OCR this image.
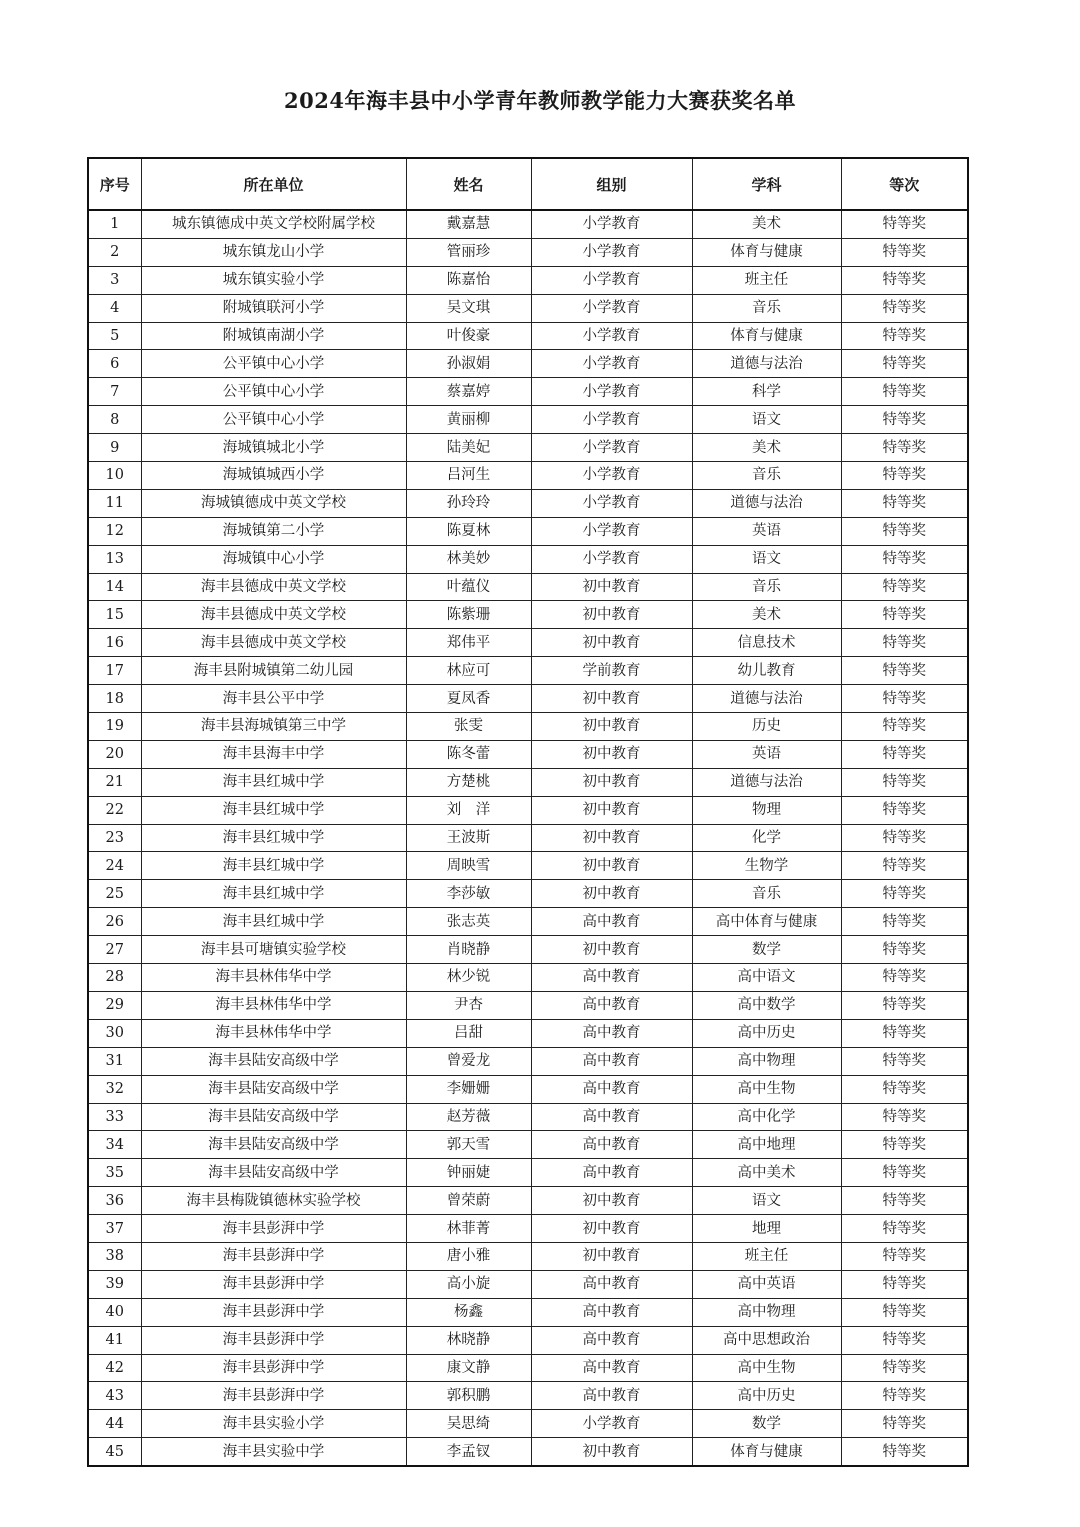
2024年海丰县中小学青年教师教学能力大赛获奖名单
序号	所在单位	姓名	组别	学科	等次
1	城东镇德成中英文学校附属学校	戴嘉慧	小学教育	美术	特等奖
2	城东镇龙山小学	管丽珍	小学教育	体育与健康	特等奖
3	城东镇实验小学	陈嘉怡	小学教育	班主任	特等奖
4	附城镇联河小学	吴文琪	小学教育	音乐	特等奖
5	附城镇南湖小学	叶俊豪	小学教育	体育与健康	特等奖
6	公平镇中心小学	孙淑娟	小学教育	道德与法治	特等奖
7	公平镇中心小学	蔡嘉婷	小学教育	科学	特等奖
8	公平镇中心小学	黄丽柳	小学教育	语文	特等奖
9	海城镇城北小学	陆美妃	小学教育	美术	特等奖
10	海城镇城西小学	吕河生	小学教育	音乐	特等奖
11	海城镇德成中英文学校	孙玲玲	小学教育	道德与法治	特等奖
12	海城镇第二小学	陈夏林	小学教育	英语	特等奖
13	海城镇中心小学	林美妙	小学教育	语文	特等奖
14	海丰县德成中英文学校	叶蕴仪	初中教育	音乐	特等奖
15	海丰县德成中英文学校	陈紫珊	初中教育	美术	特等奖
16	海丰县德成中英文学校	郑伟平	初中教育	信息技术	特等奖
17	海丰县附城镇第二幼儿园	林应可	学前教育	幼儿教育	特等奖
18	海丰县公平中学	夏凤香	初中教育	道德与法治	特等奖
19	海丰县海城镇第三中学	张雯	初中教育	历史	特等奖
20	海丰县海丰中学	陈冬蕾	初中教育	英语	特等奖
21	海丰县红城中学	方楚桃	初中教育	道德与法治	特等奖
22	海丰县红城中学	刘　洋	初中教育	物理	特等奖
23	海丰县红城中学	王波斯	初中教育	化学	特等奖
24	海丰县红城中学	周映雪	初中教育	生物学	特等奖
25	海丰县红城中学	李莎敏	初中教育	音乐	特等奖
26	海丰县红城中学	张志英	高中教育	高中体育与健康	特等奖
27	海丰县可塘镇实验学校	肖晓静	初中教育	数学	特等奖
28	海丰县林伟华中学	林少锐	高中教育	高中语文	特等奖
29	海丰县林伟华中学	尹杏	高中教育	高中数学	特等奖
30	海丰县林伟华中学	吕甜	高中教育	高中历史	特等奖
31	海丰县陆安高级中学	曾爱龙	高中教育	高中物理	特等奖
32	海丰县陆安高级中学	李姗姗	高中教育	高中生物	特等奖
33	海丰县陆安高级中学	赵芳薇	高中教育	高中化学	特等奖
34	海丰县陆安高级中学	郭天雪	高中教育	高中地理	特等奖
35	海丰县陆安高级中学	钟丽婕	高中教育	高中美术	特等奖
36	海丰县梅陇镇德林实验学校	曾荣蔚	初中教育	语文	特等奖
37	海丰县彭湃中学	林菲菁	初中教育	地理	特等奖
38	海丰县彭湃中学	唐小雅	初中教育	班主任	特等奖
39	海丰县彭湃中学	高小旋	高中教育	高中英语	特等奖
40	海丰县彭湃中学	杨鑫	高中教育	高中物理	特等奖
41	海丰县彭湃中学	林晓静	高中教育	高中思想政治	特等奖
42	海丰县彭湃中学	康文静	高中教育	高中生物	特等奖
43	海丰县彭湃中学	郭积鹏	高中教育	高中历史	特等奖
44	海丰县实验小学	吴思绮	小学教育	数学	特等奖
45	海丰县实验中学	李孟钗	初中教育	体育与健康	特等奖
